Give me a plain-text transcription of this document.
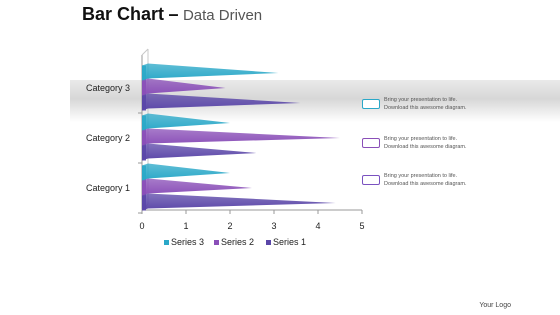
Bar Chart – Data Driven
0	1	2	3	4	5
Category 1
Category 2
Category 3
Series 3 Series 2 Series 1
Bring your presentation to life.
Download this awesome diagram.
Bring your presentation to life.
Download this awesome diagram.
Bring your presentation to life.
Download this awesome diagram.
Your Logo
